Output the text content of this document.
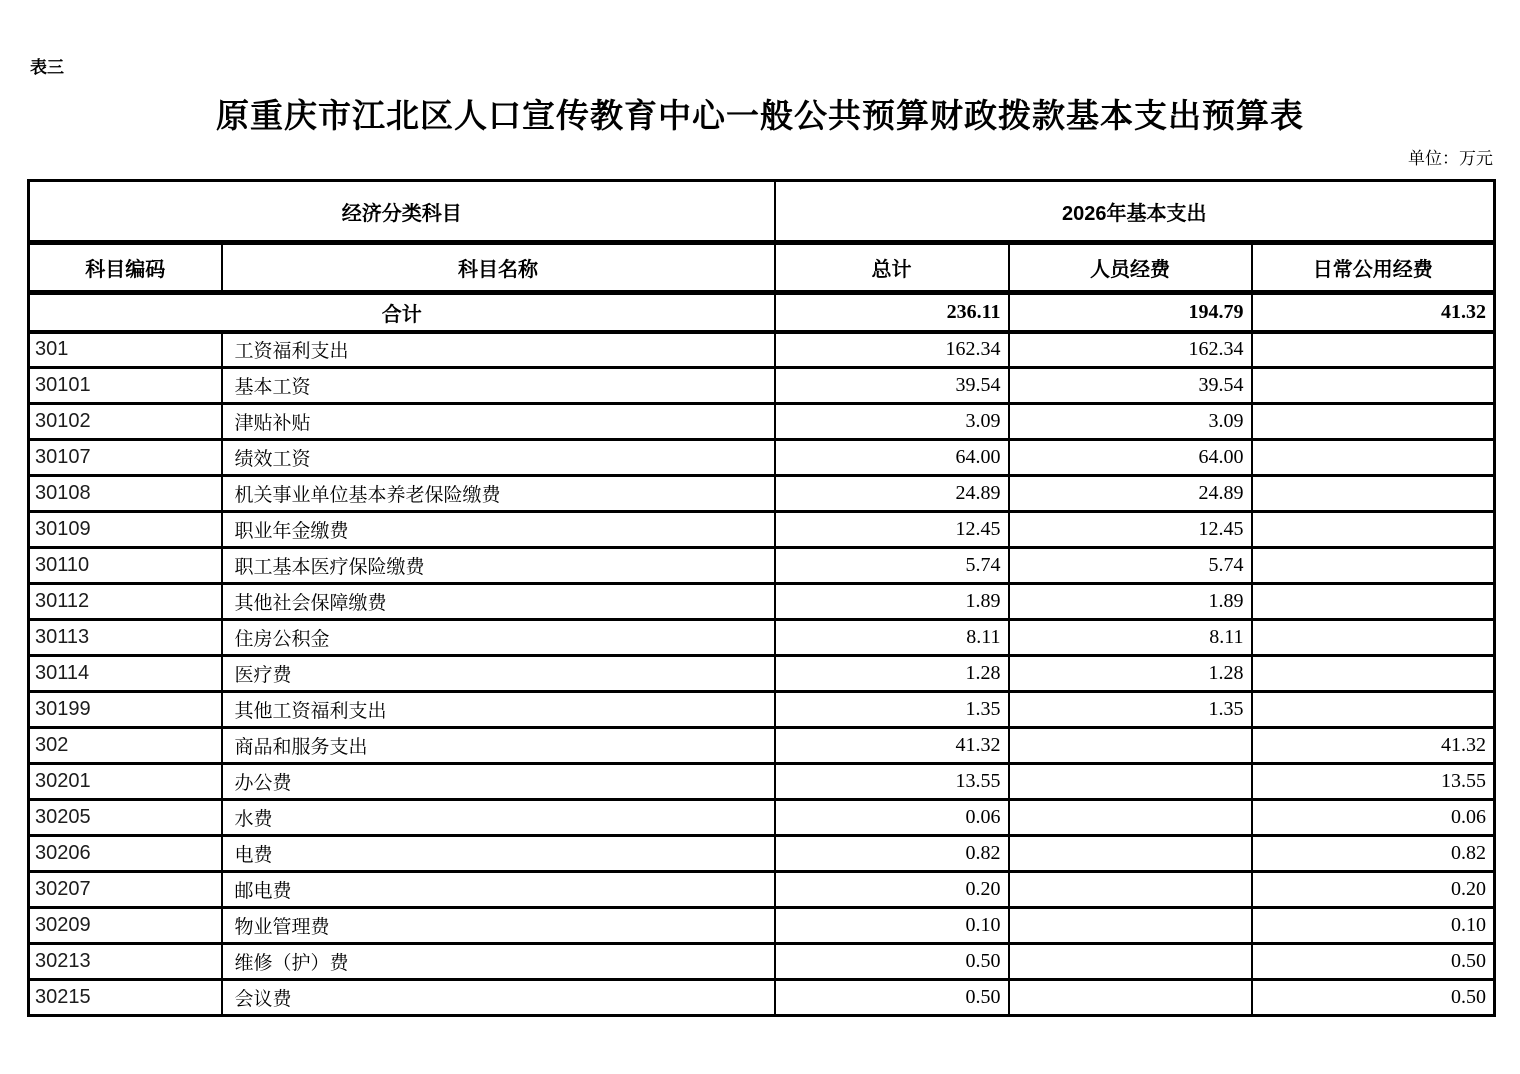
表三
原重庆市江北区人口宣传教育中心一般公共预算财政拨款基本支出预算表
单位：万元
经济分类科目		2026年基本支出		
科目编码	科目名称	总计	人员经费	日常公用经费
合计		236.11	194.79	41.32
301	工资福利支出	162.34	162.34	
30101	基本工资	39.54	39.54	
30102	津贴补贴	3.09	3.09	
30107	绩效工资	64.00	64.00	
30108	机关事业单位基本养老保险缴费	24.89	24.89	
30109	职业年金缴费	12.45	12.45	
30110	职工基本医疗保险缴费	5.74	5.74	
30112	其他社会保障缴费	1.89	1.89	
30113	住房公积金	8.11	8.11	
30114	医疗费	1.28	1.28	
30199	其他工资福利支出	1.35	1.35	
302	商品和服务支出	41.32		41.32
30201	办公费	13.55		13.55
30205	水费	0.06		0.06
30206	电费	0.82		0.82
30207	邮电费	0.20		0.20
30209	物业管理费	0.10		0.10
30213	维修（护）费	0.50		0.50
30215	会议费	0.50		0.50
